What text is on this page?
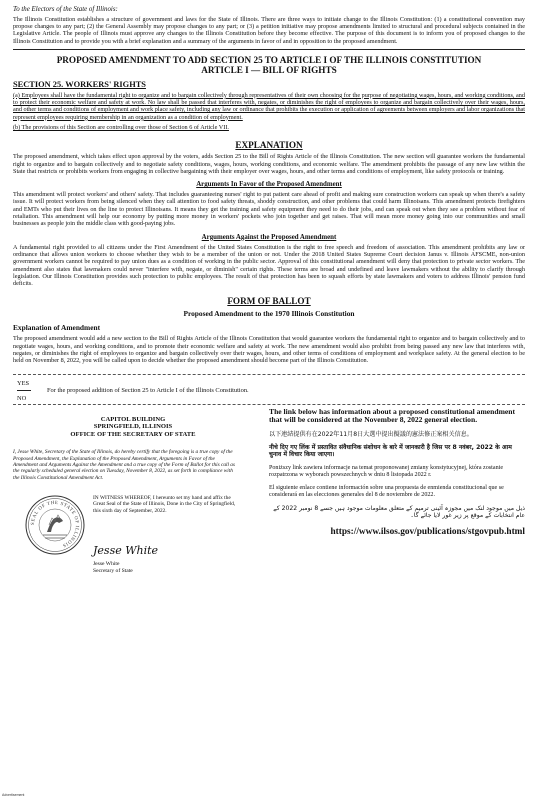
To the Electors of the State of Illinois:

The Illinois Constitution establishes a structure of government and laws for the State of Illinois. There are three ways to initiate change to the Illinois Constitution: (1) a constitutional convention may propose changes to any part; (2) the General Assembly may propose changes to any part; or (3) a petition initiative may propose amendments limited to structural and procedural subjects contained in the Legislative Article. The people of Illinois must approve any changes to the Illinois Constitution before they become effective. The purpose of this document is to inform you of proposed changes to the Illinois Constitution and to provide you with a brief explanation and a summary of the arguments in favor of and in opposition to the proposed amendment.

PROPOSED AMENDMENT TO ADD SECTION 25 TO ARTICLE I OF THE ILLINOIS CONSTITUTION
ARTICLE I — BILL OF RIGHTS

SECTION 25. WORKERS' RIGHTS

(a) Employees shall have the fundamental right to organize and to bargain collectively through representatives of their own choosing for the purpose of negotiating wages, hours, and working conditions, and to protect their economic welfare and safety at work. No law shall be passed that interferes with, negates, or diminishes the right of employees to organize and bargain collectively over their wages, hours, and other terms and conditions of employment and work place safety, including any law or ordinance that prohibits the execution or application of agreements between employers and labor organizations that represent employees requiring membership in an organization as a condition of employment.

(b) The provisions of this Section are controlling over those of Section 6 of Article VII.

EXPLANATION

The proposed amendment, which takes effect upon approval by the voters, adds Section 25 to the Bill of Rights Article of the Illinois Constitution. The new section will guarantee workers the fundamental right to organize and to bargain collectively and to negotiate safety conditions, wages, hours, working conditions, and economic welfare. The amendment prohibits the passage of any new law within the State that restricts or prohibits workers from engaging in collective bargaining with their employer over wages, hours, and other terms and conditions of employment, like safety protocols or training.

Arguments In Favor of the Proposed Amendment

This amendment will protect workers' and others' safety. That includes guaranteeing nurses' right to put patient care ahead of profit and making sure construction workers can speak up when there's a safety issue. It will protect workers from being silenced when they call attention to food safety threats, shoddy construction, and other problems that could harm Illinoisans. This amendment protects firefighters and EMTs who put their lives on the line to protect Illinoisans. It means they get the training and safety equipment they need to do their jobs, and can speak out when they see a problem without fear of retaliation. This amendment will help our economy by putting more money in workers' pockets who join together and get raises. That will mean more money going into our communities and small businesses as people join the middle class with good-paying jobs.

Arguments Against the Proposed Amendment

A fundamental right provided to all citizens under the First Amendment of the United States Constitution is the right to free speech and freedom of association. This amendment prohibits any law or ordinance that allows union workers to choose whether they wish to be a member of the union or not. Under the 2018 United States Supreme Court decision Janus v. Illinois AFSCME, non-union government workers cannot be required to pay union dues as a condition of working in the public sector. Approval of this constitutional amendment will deny that protection to private sector workers. The amendment also states that lawmakers could never "interfere with, negate, or diminish" certain rights. These terms are broad and undefined and leave lawmakers without the ability to clarify through legislation. Our Illinois Constitution provides such protection to public employees. The result of that protection has been to squash efforts by state lawmakers and voters to address Illinois' pension fund deficits.

FORM OF BALLOT

Proposed Amendment to the 1970 Illinois Constitution

Explanation of Amendment

The proposed amendment would add a new section to the Bill of Rights Article of the Illinois Constitution that would guarantee workers the fundamental right to organize and to bargain collectively and to negotiate wages, hours, and working conditions, and to promote their economic welfare and safety at work. The new amendment would also prohibit from being passed any new law that interferes with, negates, or diminishes the right of employees to organize and bargain collectively over their wages, hours, and other terms of conditions of employment and workplace safety. At the general election to be held on November 8, 2022, you will be called upon to decide whether the proposed amendment should become part of the Illinois Constitution.

YES
NO
For the proposed addition of Section 25 to Article I of the Illinois Constitution.

CAPITOL BUILDING
SPRINGFIELD, ILLINOIS
OFFICE OF THE SECRETARY OF STATE

I, Jesse White, Secretary of the State of Illinois, do hereby certify that the foregoing is a true copy of the Proposed Amendment, the Explanation of the Proposed Amendment, Arguments in Favor of the Amendment and Arguments Against the Amendment and a true copy of the Form of Ballot for this call as the regularly scheduled general election on Tuesday, November 8, 2022, as set forth in compliance with the Illinois Constitutional Amendment Act.

SEAL OF THE STATE OF ILLINOIS

IN WITNESS WHEREOF, I hereunto set my hand and affix the Great Seal of the State of Illinois, Done in the City of Springfield, this sixth day of September, 2022.

Jesse White

Jesse White
Secretary of State

The link below has information about a proposed constitutional amendment that will be considered at the November 8, 2022 general election.

以下連結提供有在2022年11月8日大選中提出擬議的憲法修正案相关信息。

नीचे दिए गए लिंक में प्रस्तावित संवैधानिक संशोधन के बारे में जानकारी है जिस पर 8 नवंबर, 2022 के आम चुनाव में विचार किया जाएगा।

Poniższy link zawiera informacje na temat proponowanej zmiany konstytucyjnej, która zostanie rozpatrzona w wyborach powszechnych w dniu 8 listopada 2022 r.

El siguiente enlace contiene información sobre una propuesta de enmienda constitucional que se considerará en las elecciones generales del 8 de noviembre de 2022.

ذیل میں موجود لنک میں مجوزہ آئینی ترمیم کے متعلق معلومات موجود ہیں جسے 8 نومبر 2022 کے عام انتخابات کے موقع پر زیر غور لایا جائے گا۔

https://www.ilsos.gov/publications/stgovpub.html

Advertisement
